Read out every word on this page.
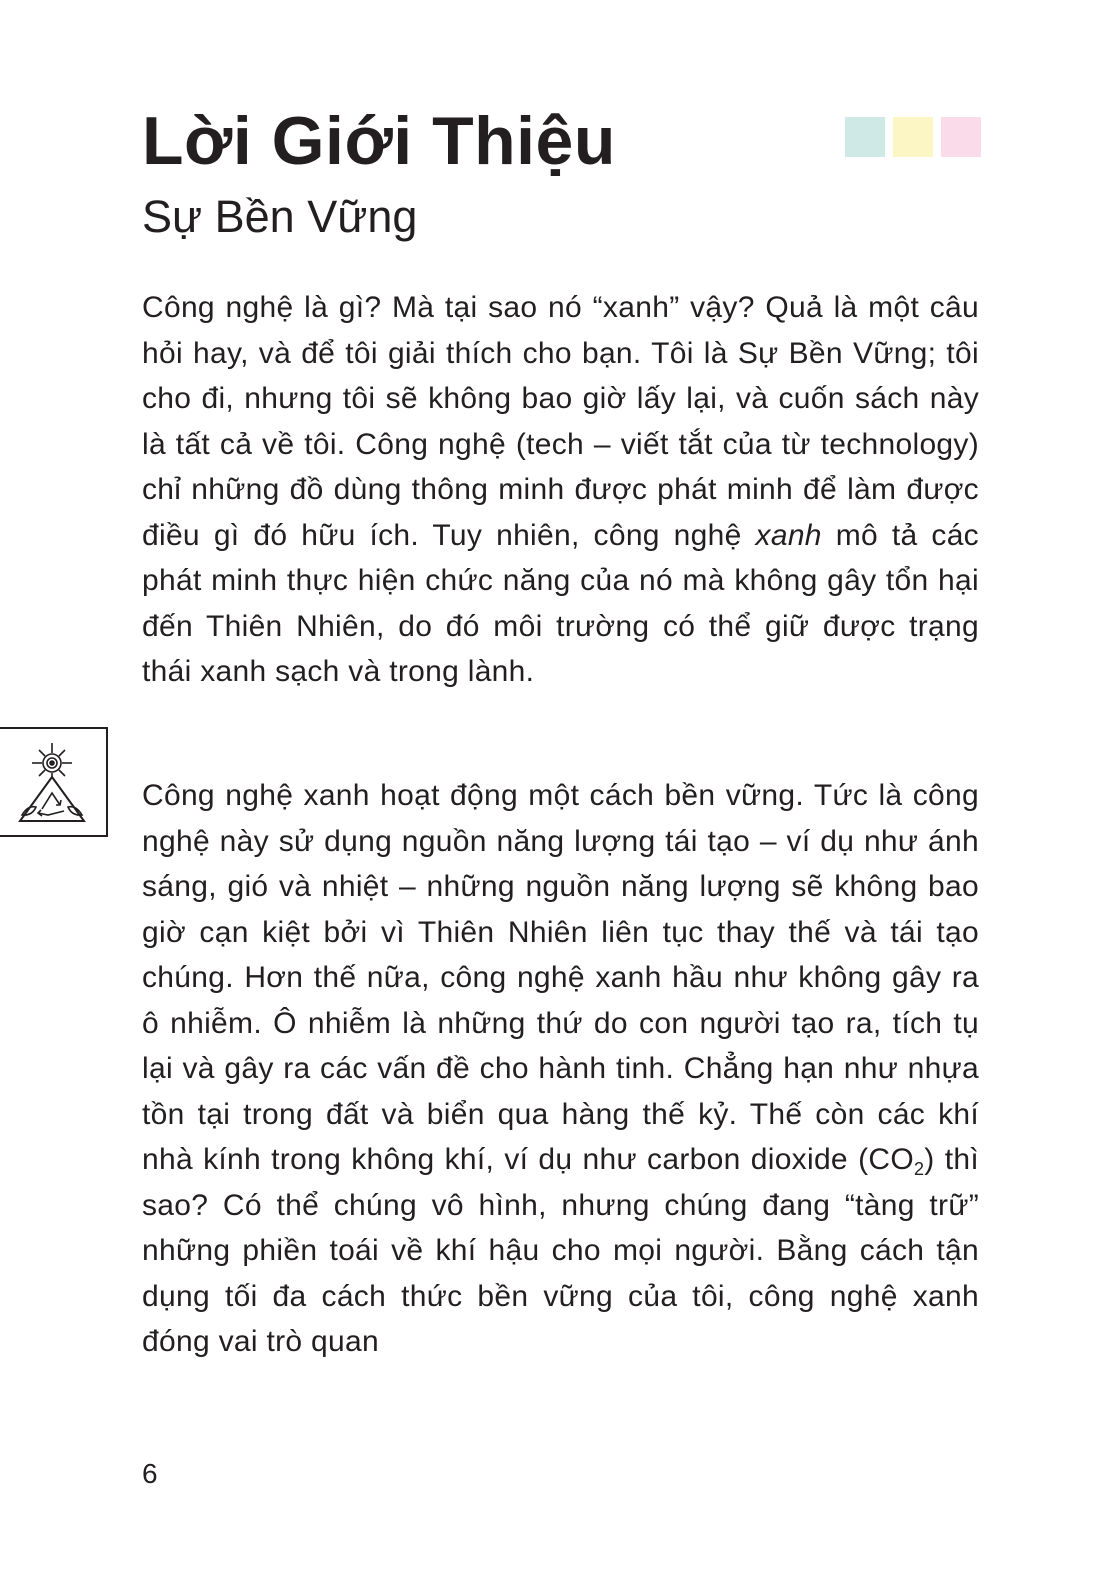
Lời Giới Thiệu
Sự Bền Vững

Công nghệ là gì? Mà tại sao nó “xanh” vậy? Quả là một câu hỏi hay, và để tôi giải thích cho bạn. Tôi là Sự Bền Vững; tôi cho đi, nhưng tôi sẽ không bao giờ lấy lại, và cuốn sách này là tất cả về tôi. Công nghệ (tech – viết tắt của từ technology) chỉ những đồ dùng thông minh được phát minh để làm được điều gì đó hữu ích. Tuy nhiên, công nghệ xanh mô tả các phát minh thực hiện chức năng của nó mà không gây tổn hại đến Thiên Nhiên, do đó môi trường có thể giữ được trạng thái xanh sạch và trong lành.

Công nghệ xanh hoạt động một cách bền vững. Tức là công nghệ này sử dụng nguồn năng lượng tái tạo – ví dụ như ánh sáng, gió và nhiệt – những nguồn năng lượng sẽ không bao giờ cạn kiệt bởi vì Thiên Nhiên liên tục thay thế và tái tạo chúng. Hơn thế nữa, công nghệ xanh hầu như không gây ra ô nhiễm. Ô nhiễm là những thứ do con người tạo ra, tích tụ lại và gây ra các vấn đề cho hành tinh. Chẳng hạn như nhựa tồn tại trong đất và biển qua hàng thế kỷ. Thế còn các khí nhà kính trong không khí, ví dụ như carbon dioxide $(CO_2)$ thì sao? Có thể chúng vô hình, nhưng chúng đang “tàng trữ” những phiền toái về khí hậu cho mọi người. Bằng cách tận dụng tối đa cách thức bền vững của tôi, công nghệ xanh đóng vai trò quan

6
